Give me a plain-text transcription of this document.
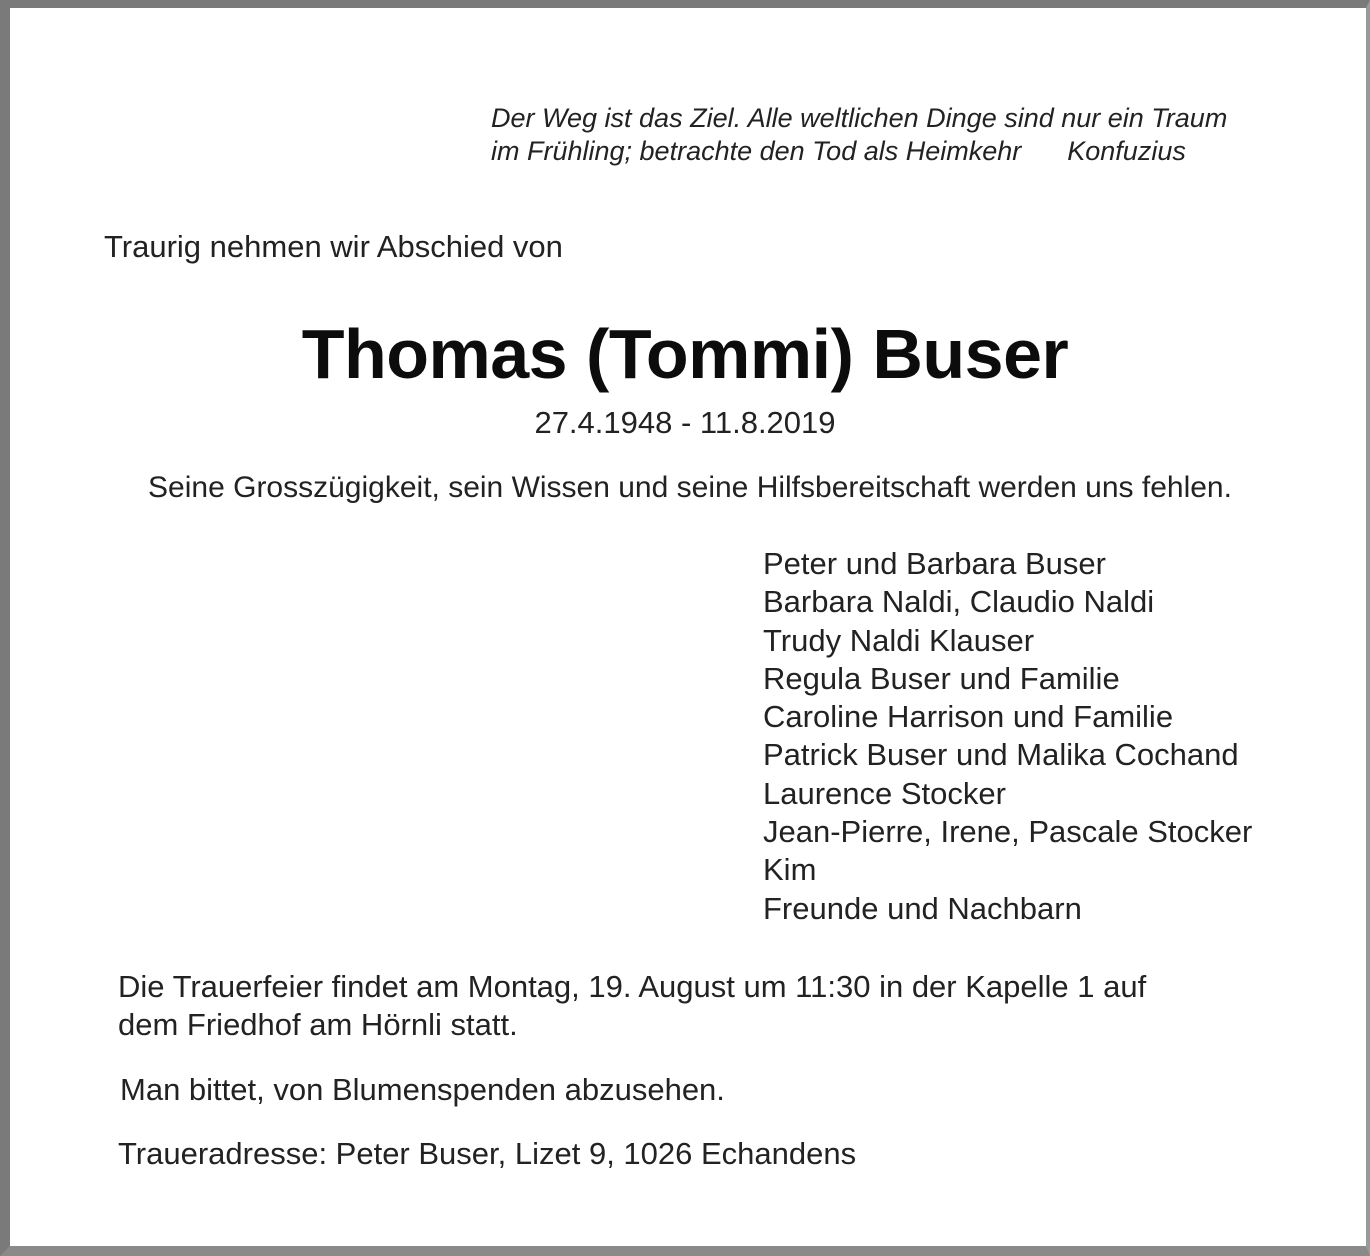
Der Weg ist das Ziel. Alle weltlichen Dinge sind nur ein Traum
im Frühling; betrachte den Tod als Heimkehr Konfuzius
Traurig nehmen wir Abschied von
Thomas (Tommi) Buser
27.4.1948 - 11.8.2019
Seine Grosszügigkeit, sein Wissen und seine Hilfsbereitschaft werden uns fehlen.
Peter und Barbara Buser
Barbara Naldi, Claudio Naldi
Trudy Naldi Klauser
Regula Buser und Familie
Caroline Harrison und Familie
Patrick Buser und Malika Cochand
Laurence Stocker
Jean-Pierre, Irene, Pascale Stocker
Kim
Freunde und Nachbarn
Die Trauerfeier findet am Montag, 19. August um 11:30 in der Kapelle 1 auf
dem Friedhof am Hörnli statt.
Man bittet, von Blumenspenden abzusehen.
Traueradresse: Peter Buser, Lizet 9, 1026 Echandens
